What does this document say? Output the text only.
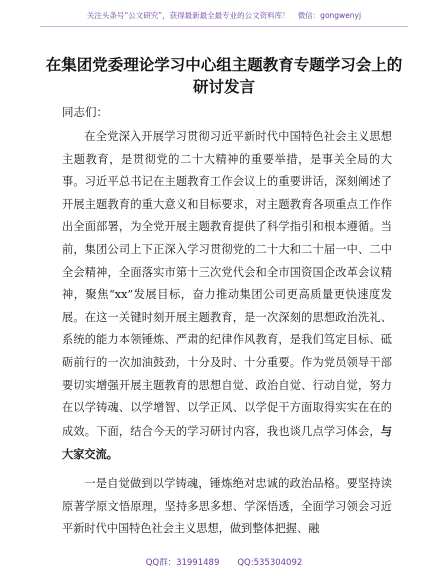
关注头条号“公文研究”，获得最新最全最专业的公文资料库！ 微信：gongwenyj
在集团党委理论学习中心组主题教育专题学习会上的研讨发言
同志们：

在全党深入开展学习贯彻习近平新时代中国特色社会主义思想主题教育，是贯彻党的二十大精神的重要举措，是事关全局的大事。习近平总书记在主题教育工作会议上的重要讲话，深刻阐述了开展主题教育的重大意义和目标要求，对主题教育各项重点工作作出全面部署，为全党开展主题教育提供了科学指引和根本遵循。当前，集团公司上下正深入学习贯彻党的二十大和二十届一中、二中全会精神，全面落实市第十三次党代会和全市国资国企改革会议精神，聚焦“xx”发展目标，奋力推动集团公司更高质量更快速度发展。在这一关键时刻开展主题教育，是一次深刻的思想政治洗礼、系统的能力本领锤炼、严肃的纪律作风教育，是我们笃定目标、砥砺前行的一次加油鼓劲，十分及时、十分重要。作为党员领导干部要切实增强开展主题教育的思想自觉、政治自觉、行动自觉，努力在以学铸魂、以学增智、以学正风、以学促干方面取得实实在在的成效。下面，结合今天的学习研讨内容，我也谈几点学习体会，与大家交流。

一是自觉做到以学铸魂，锤炼绝对忠诚的政治品格。要坚持读原著学原文悟原理，坚持多思多想、学深悟透，全面学习领会习近平新时代中国特色社会主义思想，做到整体把握、融

QQ群：31991489 QQ:535304092
